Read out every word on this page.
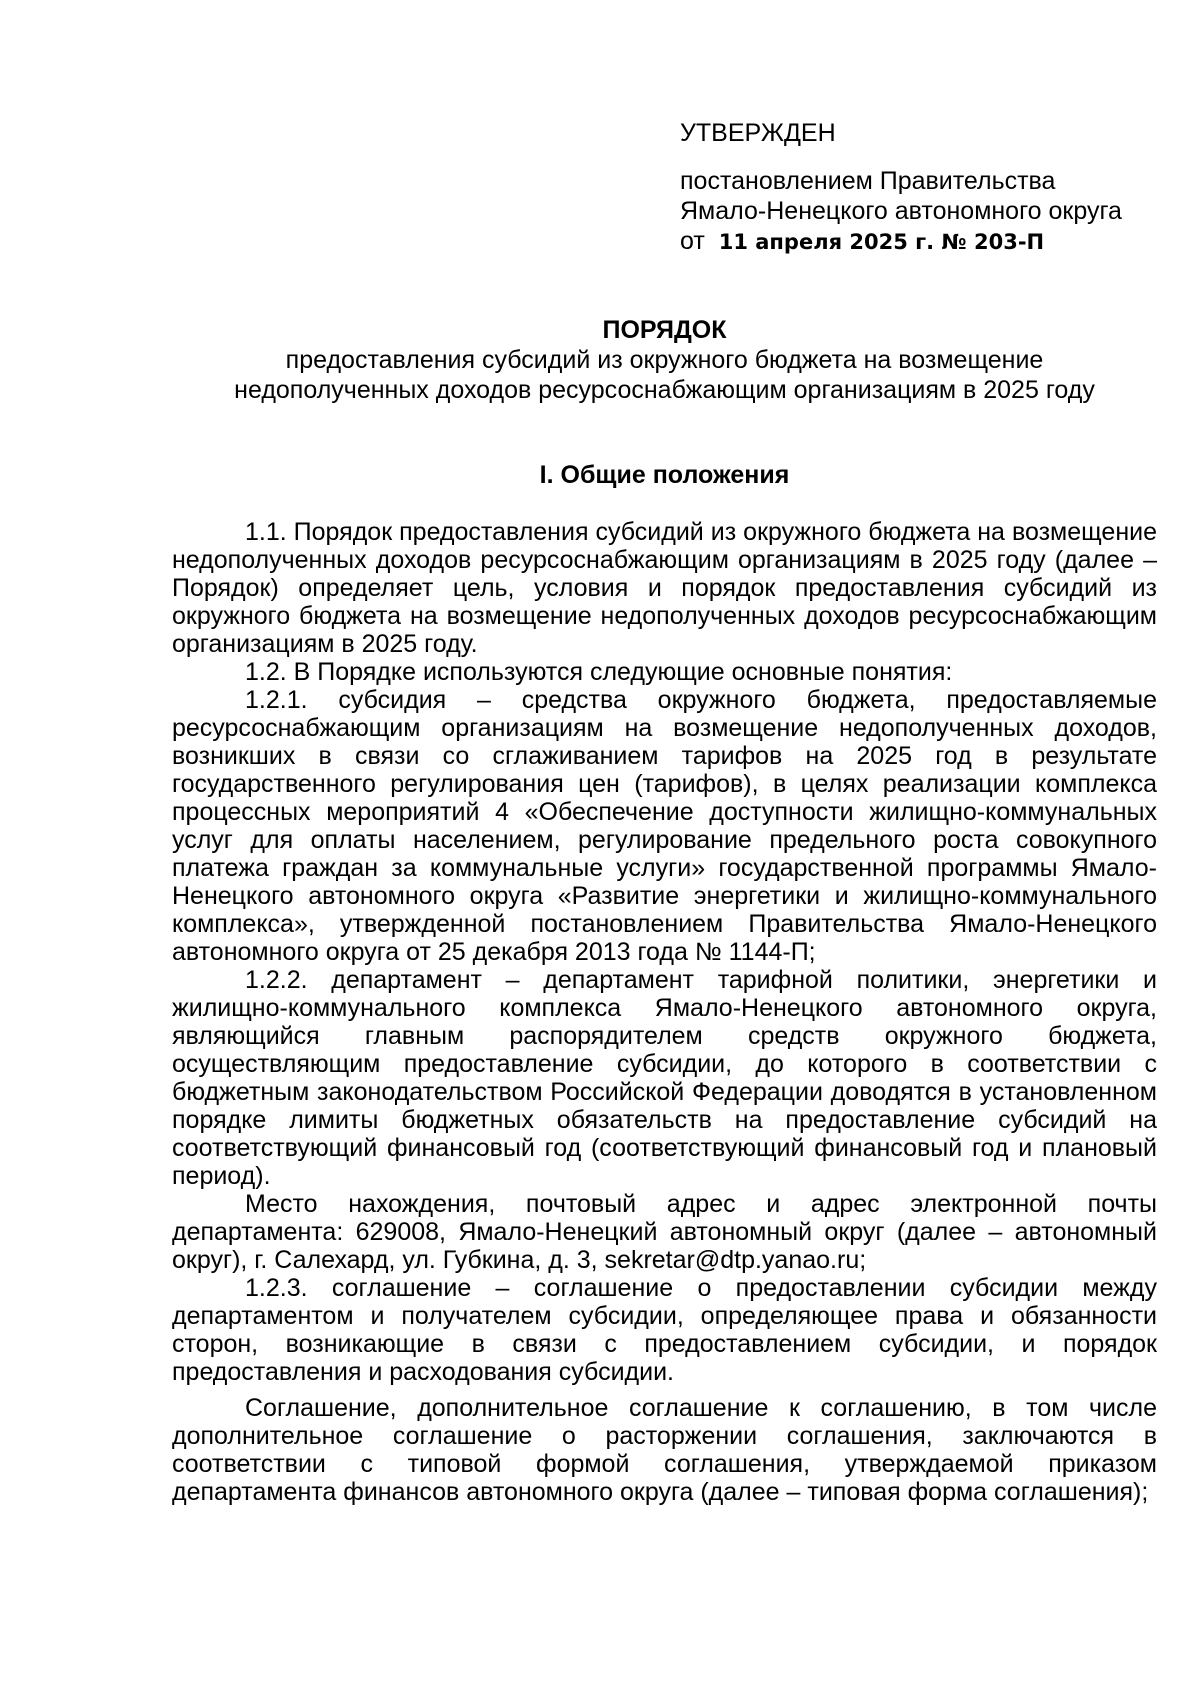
УТВЕРЖДЕН

постановлением Правительства

Ямало-Ненецкого автономного округа

от 11 апреля 2025 г. № 203-П

ПОРЯДОК

предоставления субсидий из окружного бюджета на возмещение

недополученных доходов ресурсоснабжающим организациям в 2025 году

I. Общие положения

1.1. Порядок предоставления субсидий из окружного бюджета на возмещение недополученных доходов ресурсоснабжающим организациям в 2025 году (далее – Порядок) определяет цель, условия и порядок предоставления субсидий из окружного бюджета на возмещение недополученных доходов ресурсоснабжающим организациям в 2025 году.

1.2. В Порядке используются следующие основные понятия:

1.2.1. субсидия – средства окружного бюджета, предоставляемые ресурсоснабжающим организациям на возмещение недополученных доходов, возникших в связи со сглаживанием тарифов на 2025 год в результате государственного регулирования цен (тарифов), в целях реализации комплекса процессных мероприятий 4 «Обеспечение доступности жилищно-коммунальных услуг для оплаты населением, регулирование предельного роста совокупного платежа граждан за коммунальные услуги» государственной программы Ямало-Ненецкого автономного округа «Развитие энергетики и жилищно-коммунального комплекса», утвержденной постановлением Правительства Ямало-Ненецкого автономного округа от 25 декабря 2013 года № 1144-П;

1.2.2. департамент – департамент тарифной политики, энергетики и жилищно-коммунального комплекса Ямало-Ненецкого автономного округа, являющийся главным распорядителем средств окружного бюджета, осуществляющим предоставление субсидии, до которого в соответствии с бюджетным законодательством Российской Федерации доводятся в установленном порядке лимиты бюджетных обязательств на предоставление субсидий на соответствующий финансовый год (соответствующий финансовый год и плановый период).

Место нахождения, почтовый адрес и адрес электронной почты департамента: 629008, Ямало-Ненецкий автономный округ (далее – автономный округ), г. Салехард, ул. Губкина, д. 3, sekretar@dtp.yanao.ru;

1.2.3. соглашение – соглашение о предоставлении субсидии между департаментом и получателем субсидии, определяющее права и обязанности сторон, возникающие в связи с предоставлением субсидии, и порядок предоставления и расходования субсидии.

Соглашение, дополнительное соглашение к соглашению, в том числе дополнительное соглашение о расторжении соглашения, заключаются в соответствии с типовой формой соглашения, утверждаемой приказом департамента финансов автономного округа (далее – типовая форма соглашения);
